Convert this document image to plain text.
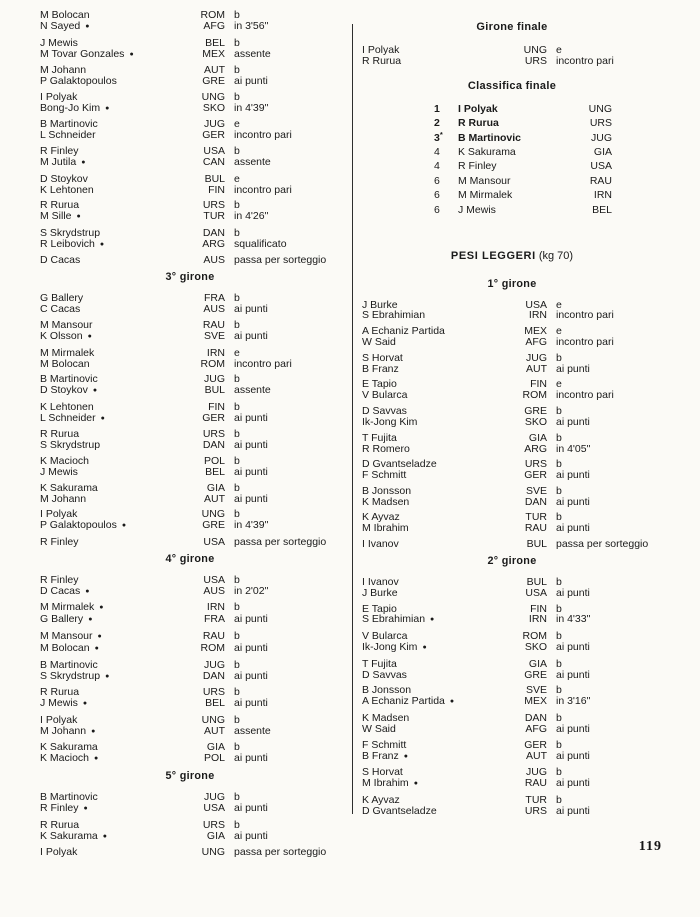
M Bolocan	ROM b
N Sayed ●	AFG in 3'56"
J Mewis	BEL b
M Tovar Gonzales ●	MEX assente
M Johann	AUT b
P Galaktopoulos	GRE ai punti
I Polyak	UNG b
Bong-Jo Kim ●	SKO in 4'39"
B Martinovic	JUG e
L Schneider	GER incontro pari
R Finley	USA b
M Jutila ●	CAN assente
D Stoykov	BUL e
K Lehtonen	FIN incontro pari
R Rurua	URS b
M Sille ●	TUR in 4'26"
S Skrydstrup	DAN b
R Leibovich ●	ARG squalificato
D Cacas	AUS passa per sorteggio
3° girone
G Ballery	FRA b
C Cacas	AUS ai punti
M Mansour	RAU b
K Olsson ●	SVE ai punti
M Mirmalek	IRN e
M Bolocan	ROM incontro pari
B Martinovic	JUG b
D Stoykov ●	BUL assente
K Lehtonen	FIN b
L Schneider ●	GER ai punti
R Rurua	URS b
S Skrydstrup	DAN ai punti
K Macioch	POL b
J Mewis	BEL ai punti
K Sakurama	GIA b
M Johann	AUT ai punti
I Polyak	UNG b
P Galaktopoulos ●	GRE in 4'39"
R Finley	USA passa per sorteggio
4° girone
R Finley	USA b
D Cacas ●	AUS in 2'02"
M Mirmalek ●	IRN b
G Ballery ●	FRA ai punti
M Mansour ●	RAU b
M Bolocan ●	ROM ai punti
B Martinovic	JUG b
S Skrydstrup ●	DAN ai punti
R Rurua	URS b
J Mewis ●	BEL ai punti
I Polyak	UNG b
M Johann ●	AUT assente
K Sakurama	GIA b
K Macioch ●	POL ai punti
5° girone
B Martinovic	JUG b
R Finley ●	USA ai punti
R Rurua	URS b
K Sakurama ●	GIA ai punti
I Polyak	UNG passa per sorteggio
Girone finale
I Polyak	UNG e
R Rurua	URS incontro pari
Classifica finale
1	I Polyak	UNG
2	R Rurua	URS
3*	B Martinovic	JUG
4	K Sakurama	GIA
4	R Finley	USA
6	M Mansour	RAU
6	M Mirmalek	IRN
6	J Mewis	BEL
PESI LEGGERI (kg 70)
1° girone
J Burke	USA e
S Ebrahimian	IRN incontro pari
A Echaniz Partida	MEX e
W Said	AFG incontro pari
S Horvat	JUG b
B Franz	AUT ai punti
E Tapio	FIN e
V Bularca	ROM incontro pari
D Savvas	GRE b
Ik-Jong Kim	SKO ai punti
T Fujita	GIA b
R Romero	ARG in 4'05"
D Gvantseladze	URS b
F Schmitt	GER ai punti
B Jonsson	SVE b
K Madsen	DAN ai punti
K Ayvaz	TUR b
M Ibrahim	RAU ai punti
I Ivanov	BUL passa per sorteggio
2° girone
I Ivanov	BUL b
J Burke	USA ai punti
E Tapio	FIN b
S Ebrahimian ●	IRN in 4'33"
V Bularca	ROM b
Ik-Jong Kim ●	SKO ai punti
T Fujita	GIA b
D Savvas	GRE ai punti
B Jonsson	SVE b
A Echaniz Partida ●	MEX in 3'16"
K Madsen	DAN b
W Said	AFG ai punti
F Schmitt	GER b
B Franz ●	AUT ai punti
S Horvat	JUG b
M Ibrahim ●	RAU ai punti
K Ayvaz	TUR b
D Gvantseladze	URS ai punti
119
